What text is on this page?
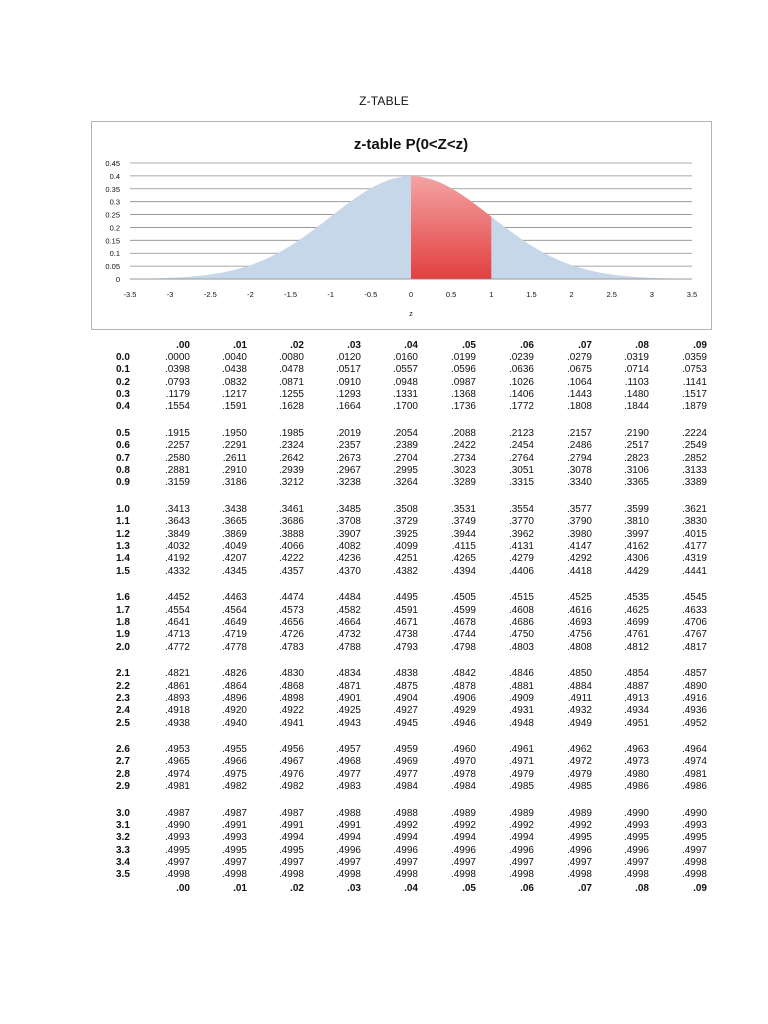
Z-TABLE
z-table P(0<Z<z)
0
0.05
0.1
0.15
0.2
0.25
0.3
0.35
0.4
0.45
-3.5	-3	-2.5	-2	-1.5	-1	-0.5	0	0.5	1	1.5	2	2.5	3	3.5
z
.00	.01	.02	.03	.04	.05	.06	.07	.08	.09
0.0	.0000	.0040	.0080	.0120	.0160	.0199	.0239	.0279	.0319	.0359
0.1	.0398	.0438	.0478	.0517	.0557	.0596	.0636	.0675	.0714	.0753
0.2	.0793	.0832	.0871	.0910	.0948	.0987	.1026	.1064	.1103	.1141
0.3	.1179	.1217	.1255	.1293	.1331	.1368	.1406	.1443	.1480	.1517
0.4	.1554	.1591	.1628	.1664	.1700	.1736	.1772	.1808	.1844	.1879
0.5	.1915	.1950	.1985	.2019	.2054	.2088	.2123	.2157	.2190	.2224
0.6	.2257	.2291	.2324	.2357	.2389	.2422	.2454	.2486	.2517	.2549
0.7	.2580	.2611	.2642	.2673	.2704	.2734	.2764	.2794	.2823	.2852
0.8	.2881	.2910	.2939	.2967	.2995	.3023	.3051	.3078	.3106	.3133
0.9	.3159	.3186	.3212	.3238	.3264	.3289	.3315	.3340	.3365	.3389
1.0	.3413	.3438	.3461	.3485	.3508	.3531	.3554	.3577	.3599	.3621
1.1	.3643	.3665	.3686	.3708	.3729	.3749	.3770	.3790	.3810	.3830
1.2	.3849	.3869	.3888	.3907	.3925	.3944	.3962	.3980	.3997	.4015
1.3	.4032	.4049	.4066	.4082	.4099	.4115	.4131	.4147	.4162	.4177
1.4	.4192	.4207	.4222	.4236	.4251	.4265	.4279	.4292	.4306	.4319
1.5	.4332	.4345	.4357	.4370	.4382	.4394	.4406	.4418	.4429	.4441
1.6	.4452	.4463	.4474	.4484	.4495	.4505	.4515	.4525	.4535	.4545
1.7	.4554	.4564	.4573	.4582	.4591	.4599	.4608	.4616	.4625	.4633
1.8	.4641	.4649	.4656	.4664	.4671	.4678	.4686	.4693	.4699	.4706
1.9	.4713	.4719	.4726	.4732	.4738	.4744	.4750	.4756	.4761	.4767
2.0	.4772	.4778	.4783	.4788	.4793	.4798	.4803	.4808	.4812	.4817
2.1	.4821	.4826	.4830	.4834	.4838	.4842	.4846	.4850	.4854	.4857
2.2	.4861	.4864	.4868	.4871	.4875	.4878	.4881	.4884	.4887	.4890
2.3	.4893	.4896	.4898	.4901	.4904	.4906	.4909	.4911	.4913	.4916
2.4	.4918	.4920	.4922	.4925	.4927	.4929	.4931	.4932	.4934	.4936
2.5	.4938	.4940	.4941	.4943	.4945	.4946	.4948	.4949	.4951	.4952
2.6	.4953	.4955	.4956	.4957	.4959	.4960	.4961	.4962	.4963	.4964
2.7	.4965	.4966	.4967	.4968	.4969	.4970	.4971	.4972	.4973	.4974
2.8	.4974	.4975	.4976	.4977	.4977	.4978	.4979	.4979	.4980	.4981
2.9	.4981	.4982	.4982	.4983	.4984	.4984	.4985	.4985	.4986	.4986
3.0	.4987	.4987	.4987	.4988	.4988	.4989	.4989	.4989	.4990	.4990
3.1	.4990	.4991	.4991	.4991	.4992	.4992	.4992	.4992	.4993	.4993
3.2	.4993	.4993	.4994	.4994	.4994	.4994	.4994	.4995	.4995	.4995
3.3	.4995	.4995	.4995	.4996	.4996	.4996	.4996	.4996	.4996	.4997
3.4	.4997	.4997	.4997	.4997	.4997	.4997	.4997	.4997	.4997	.4998
3.5	.4998	.4998	.4998	.4998	.4998	.4998	.4998	.4998	.4998	.4998
.00	.01	.02	.03	.04	.05	.06	.07	.08	.09
